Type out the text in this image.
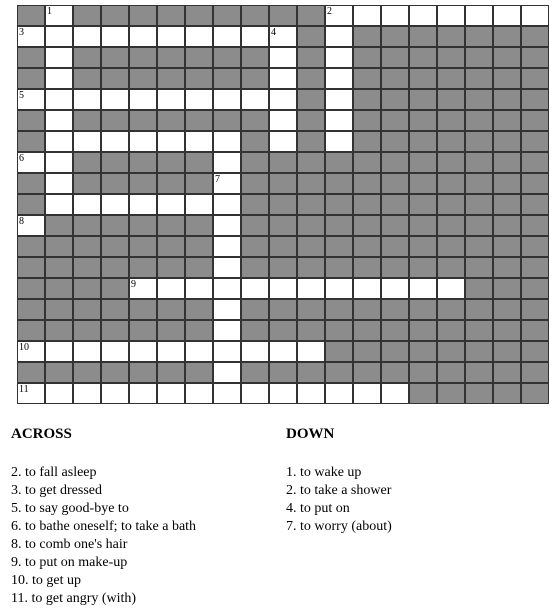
1	2
3	4
5
6
7
8
9
10
11
ACROSS
2. to fall asleep
3. to get dressed
5. to say good-bye to
6. to bathe oneself; to take a bath
8. to comb one's hair
9. to put on make-up
10. to get up
11. to get angry (with)
DOWN
1. to wake up
2. to take a shower
4. to put on
7. to worry (about)
